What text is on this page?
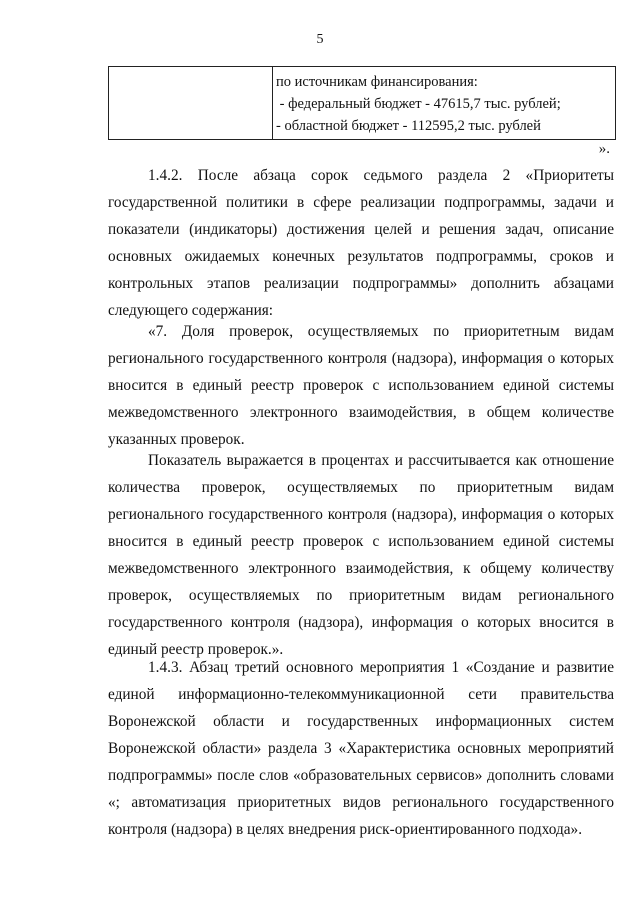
5
по источникам финансирования:
- федеральный бюджет - 47615,7 тыс. рублей;
- областной бюджет - 112595,2 тыс. рублей
».
1.4.2. После абзаца сорок седьмого раздела 2 «Приоритеты государственной политики в сфере реализации подпрограммы, задачи и показатели (индикаторы) достижения целей и решения задач, описание основных ожидаемых конечных результатов подпрограммы, сроков и контрольных этапов реализации подпрограммы» дополнить абзацами следующего содержания:
«7. Доля проверок, осуществляемых по приоритетным видам регионального государственного контроля (надзора), информация о которых вносится в единый реестр проверок с использованием единой системы межведомственного электронного взаимодействия, в общем количестве указанных проверок.
Показатель выражается в процентах и рассчитывается как отношение количества проверок, осуществляемых по приоритетным видам регионального государственного контроля (надзора), информация о которых вносится в единый реестр проверок с использованием единой системы межведомственного электронного взаимодействия, к общему количеству проверок, осуществляемых по приоритетным видам регионального государственного контроля (надзора), информация о которых вносится в единый реестр проверок.».
1.4.3. Абзац третий основного мероприятия 1 «Создание и развитие единой информационно-телекоммуникационной сети правительства Воронежской области и государственных информационных систем Воронежской области» раздела 3 «Характеристика основных мероприятий подпрограммы» после слов «образовательных сервисов» дополнить словами «; автоматизация приоритетных видов регионального государственного контроля (надзора) в целях внедрения риск-ориентированного подхода».
